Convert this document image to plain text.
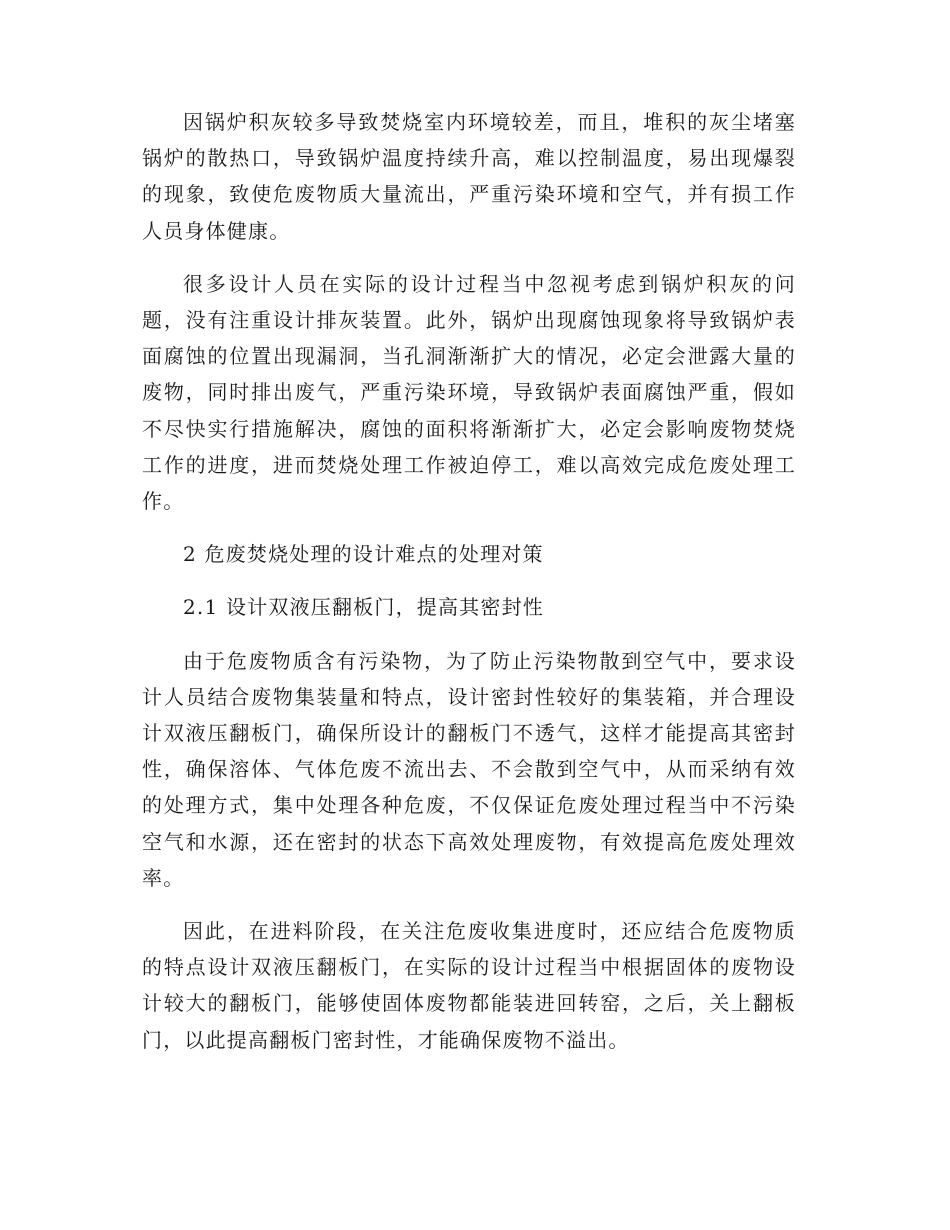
因锅炉积灰较多导致焚烧室内环境较差，而且，堆积的灰尘堵塞锅炉的散热口，导致锅炉温度持续升高，难以控制温度，易出现爆裂的现象，致使危废物质大量流出，严重污染环境和空气，并有损工作人员身体健康。

很多设计人员在实际的设计过程当中忽视考虑到锅炉积灰的问题，没有注重设计排灰装置。此外，锅炉出现腐蚀现象将导致锅炉表面腐蚀的位置出现漏洞，当孔洞渐渐扩大的情况，必定会泄露大量的废物，同时排出废气，严重污染环境，导致锅炉表面腐蚀严重，假如不尽快实行措施解决，腐蚀的面积将渐渐扩大，必定会影响废物焚烧工作的进度，进而焚烧处理工作被迫停工，难以高效完成危废处理工作。

2 危废焚烧处理的设计难点的处理对策

2.1 设计双液压翻板门，提高其密封性

由于危废物质含有污染物，为了防止污染物散到空气中，要求设计人员结合废物集装量和特点，设计密封性较好的集装箱，并合理设计双液压翻板门，确保所设计的翻板门不透气，这样才能提高其密封性，确保溶体、气体危废不流出去、不会散到空气中，从而采纳有效的处理方式，集中处理各种危废，不仅保证危废处理过程当中不污染空气和水源，还在密封的状态下高效处理废物，有效提高危废处理效率。

因此，在进料阶段，在关注危废收集进度时，还应结合危废物质的特点设计双液压翻板门，在实际的设计过程当中根据固体的废物设计较大的翻板门，能够使固体废物都能装进回转窑，之后，关上翻板门，以此提高翻板门密封性，才能确保废物不溢出。
